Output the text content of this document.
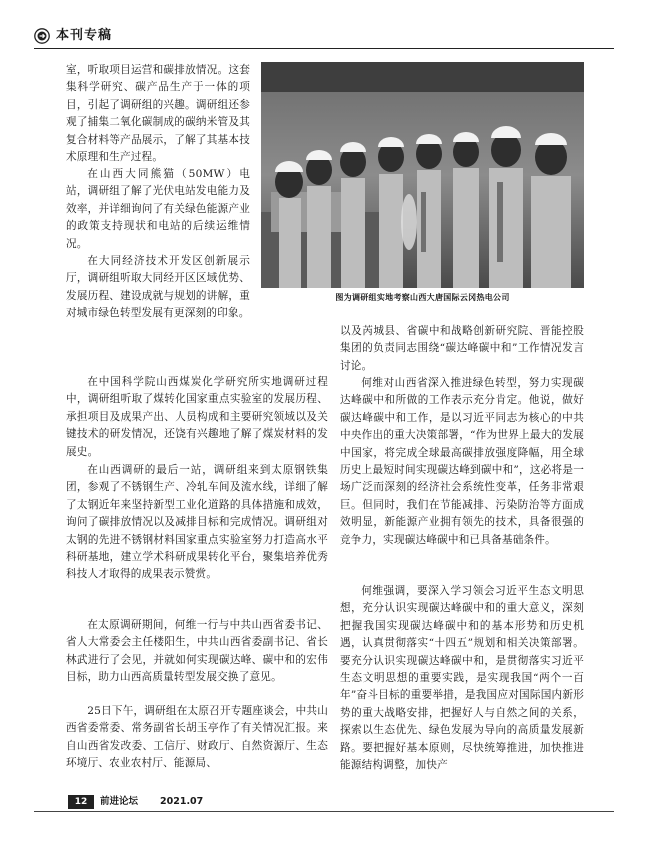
本刊专稿
图为调研组实地考察山西大唐国际云冈热电公司

室，听取项目运营和碳排放情况。这套集科学研究、碳产品生产于一体的项目，引起了调研组的兴趣。调研组还参观了捕集二氧化碳制成的碳纳米管及其复合材料等产品展示，了解了其基本技术原理和生产过程。

在山西大同熊猫（50MW）电站，调研组了解了光伏电站发电能力及效率，并详细询问了有关绿色能源产业的政策支持现状和电站的后续运维情况。

在大同经济技术开发区创新展示厅，调研组听取大同经开区区域优势、发展历程、建设成就与规划的讲解，重

对城市绿色转型发展有更深刻的印象。

在中国科学院山西煤炭化学研究所实地调研过程中，调研组听取了煤转化国家重点实验室的发展历程、承担项目及成果产出、人员构成和主要研究领域以及关键技术的研发情况，还饶有兴趣地了解了煤炭材料的发展史。

在山西调研的最后一站，调研组来到太原钢铁集团，参观了不锈钢生产、冷轧车间及流水线，详细了解了太钢近年来坚持新型工业化道路的具体措施和成效，询问了碳排放情况以及减排目标和完成情况。调研组对太钢的先进不锈钢材料国家重点实验室努力打造高水平科研基地，建立学术科研成果转化平台，聚集培养优秀科技人才取得的成果表示赞赏。

在太原调研期间，何维一行与中共山西省委书记、省人大常委会主任楼阳生，中共山西省委副书记、省长林武进行了会见，并就如何实现碳达峰、碳中和的宏伟目标，助力山西高质量转型发展交换了意见。

25日下午，调研组在太原召开专题座谈会，中共山西省委常委、常务副省长胡玉亭作了有关情况汇报。来自山西省发改委、工信厅、财政厅、自然资源厅、生态环境厅、农业农村厅、能源局、

以及芮城县、省碳中和战略创新研究院、晋能控股集团的负责同志围绕“碳达峰碳中和”工作情况发言讨论。

何维对山西省深入推进绿色转型，努力实现碳达峰碳中和所做的工作表示充分肯定。他说，做好碳达峰碳中和工作，是以习近平同志为核心的中共中央作出的重大决策部署，“作为世界上最大的发展中国家，将完成全球最高碳排放强度降幅，用全球历史上最短时间实现碳达峰到碳中和”，这必将是一场广泛而深刻的经济社会系统性变革，任务非常艰巨。但同时，我们在节能减排、污染防治等方面成效明显，新能源产业拥有领先的技术，具备很强的竞争力，实现碳达峰碳中和已具备基础条件。

何维强调，要深入学习领会习近平生态文明思想，充分认识实现碳达峰碳中和的重大意义，深刻把握我国实现碳达峰碳中和的基本形势和历史机遇，认真贯彻落实“十四五”规划和相关决策部署。要充分认识实现碳达峰碳中和，是贯彻落实习近平生态文明思想的重要实践，是实现我国“两个一百年”奋斗目标的重要举措，是我国应对国际国内新形势的重大战略安排，把握好人与自然之间的关系，探索以生态优先、绿色发展为导向的高质量发展新路。要把握好基本原则，尽快统筹推进，加快推进能源结构调整，加快产

12	前进论坛 2021.07
